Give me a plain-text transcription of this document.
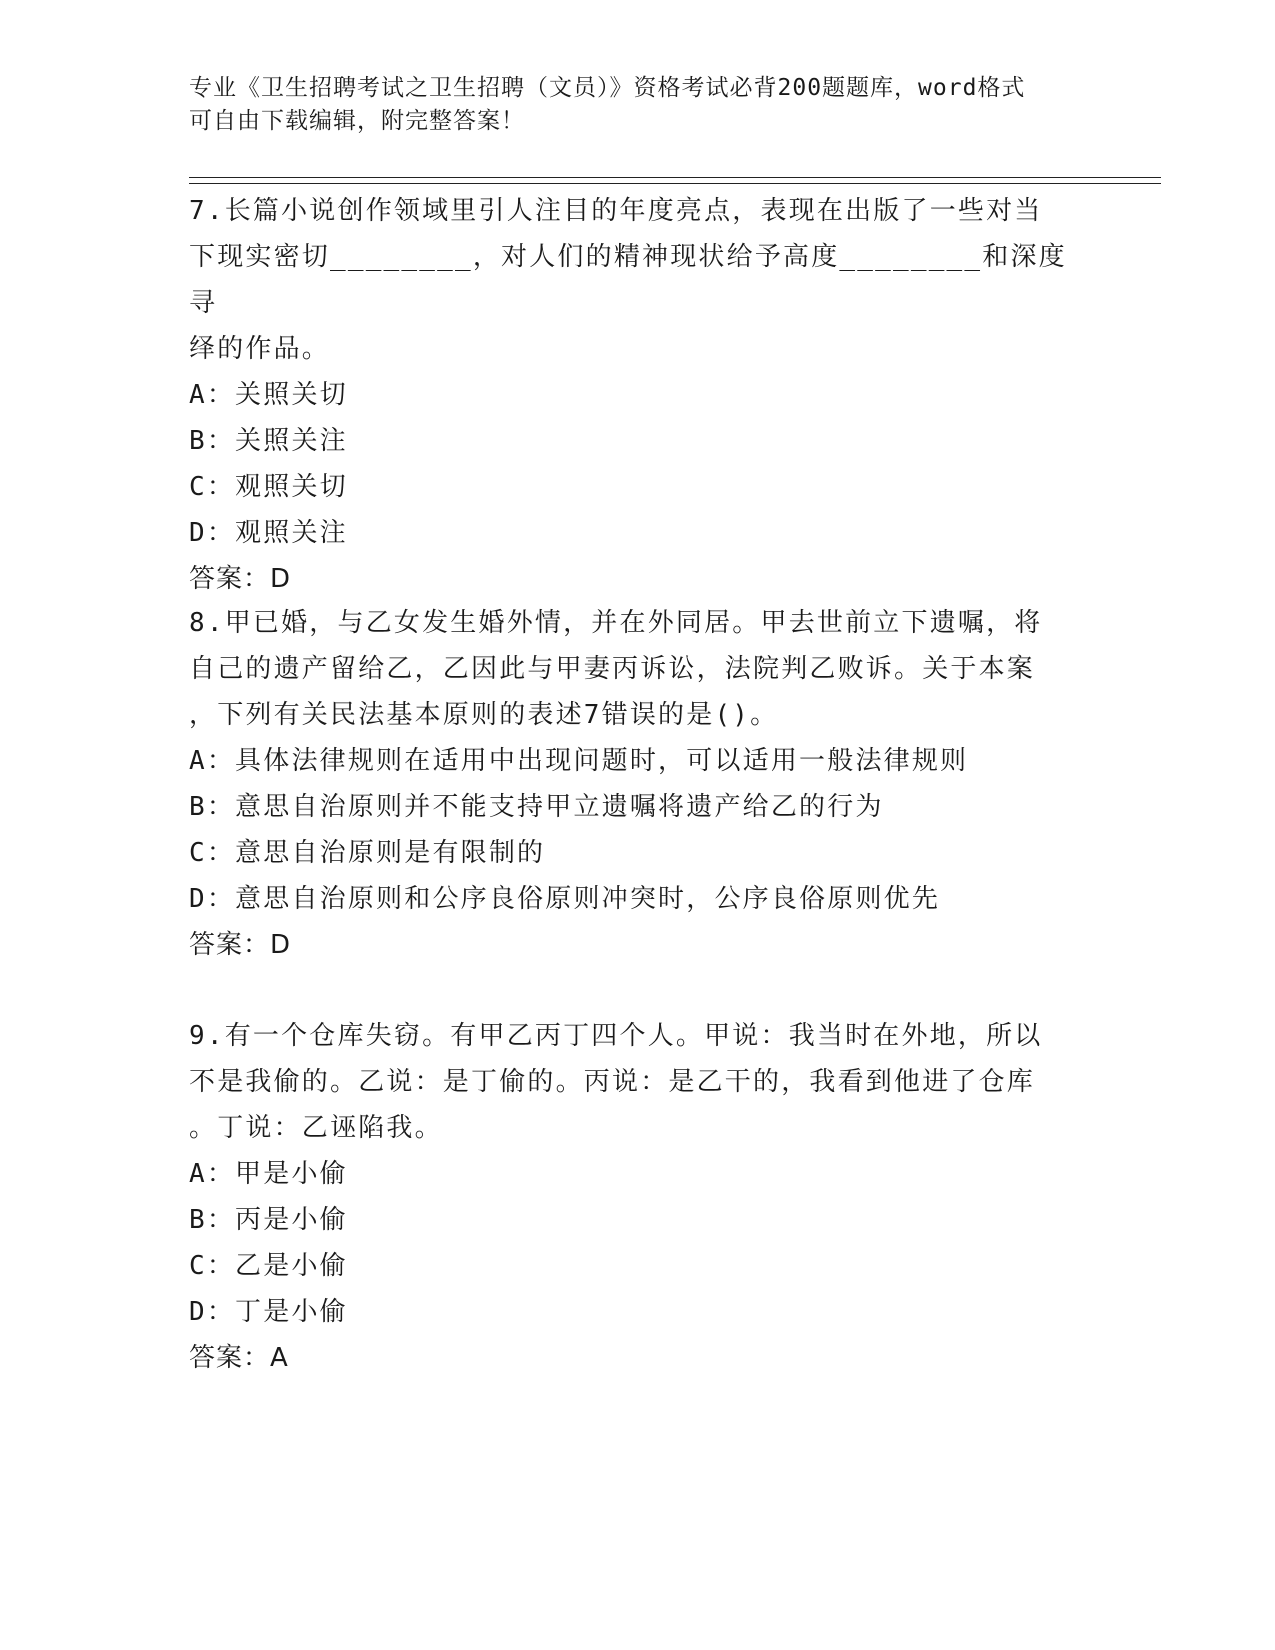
专业《卫生招聘考试之卫生招聘（文员）》资格考试必背200题题库，word格式
可自由下载编辑，附完整答案！
7.长篇小说创作领域里引人注目的年度亮点，表现在出版了一些对当
下现实密切________，对人们的精神现状给予高度________和深度寻
绎的作品。
A：关照关切
B：关照关注
C：观照关切
D：观照关注
答案：D
8.甲已婚，与乙女发生婚外情，并在外同居。甲去世前立下遗嘱，将
自己的遗产留给乙，乙因此与甲妻丙诉讼，法院判乙败诉。关于本案
，下列有关民法基本原则的表述7错误的是()。
A：具体法律规则在适用中出现问题时，可以适用一般法律规则
B：意思自治原则并不能支持甲立遗嘱将遗产给乙的行为
C：意思自治原则是有限制的
D：意思自治原则和公序良俗原则冲突时，公序良俗原则优先
答案：D
9.有一个仓库失窃。有甲乙丙丁四个人。甲说：我当时在外地，所以
不是我偷的。乙说：是丁偷的。丙说：是乙干的，我看到他进了仓库
。丁说：乙诬陷我。
A：甲是小偷
B：丙是小偷
C：乙是小偷
D：丁是小偷
答案：A
